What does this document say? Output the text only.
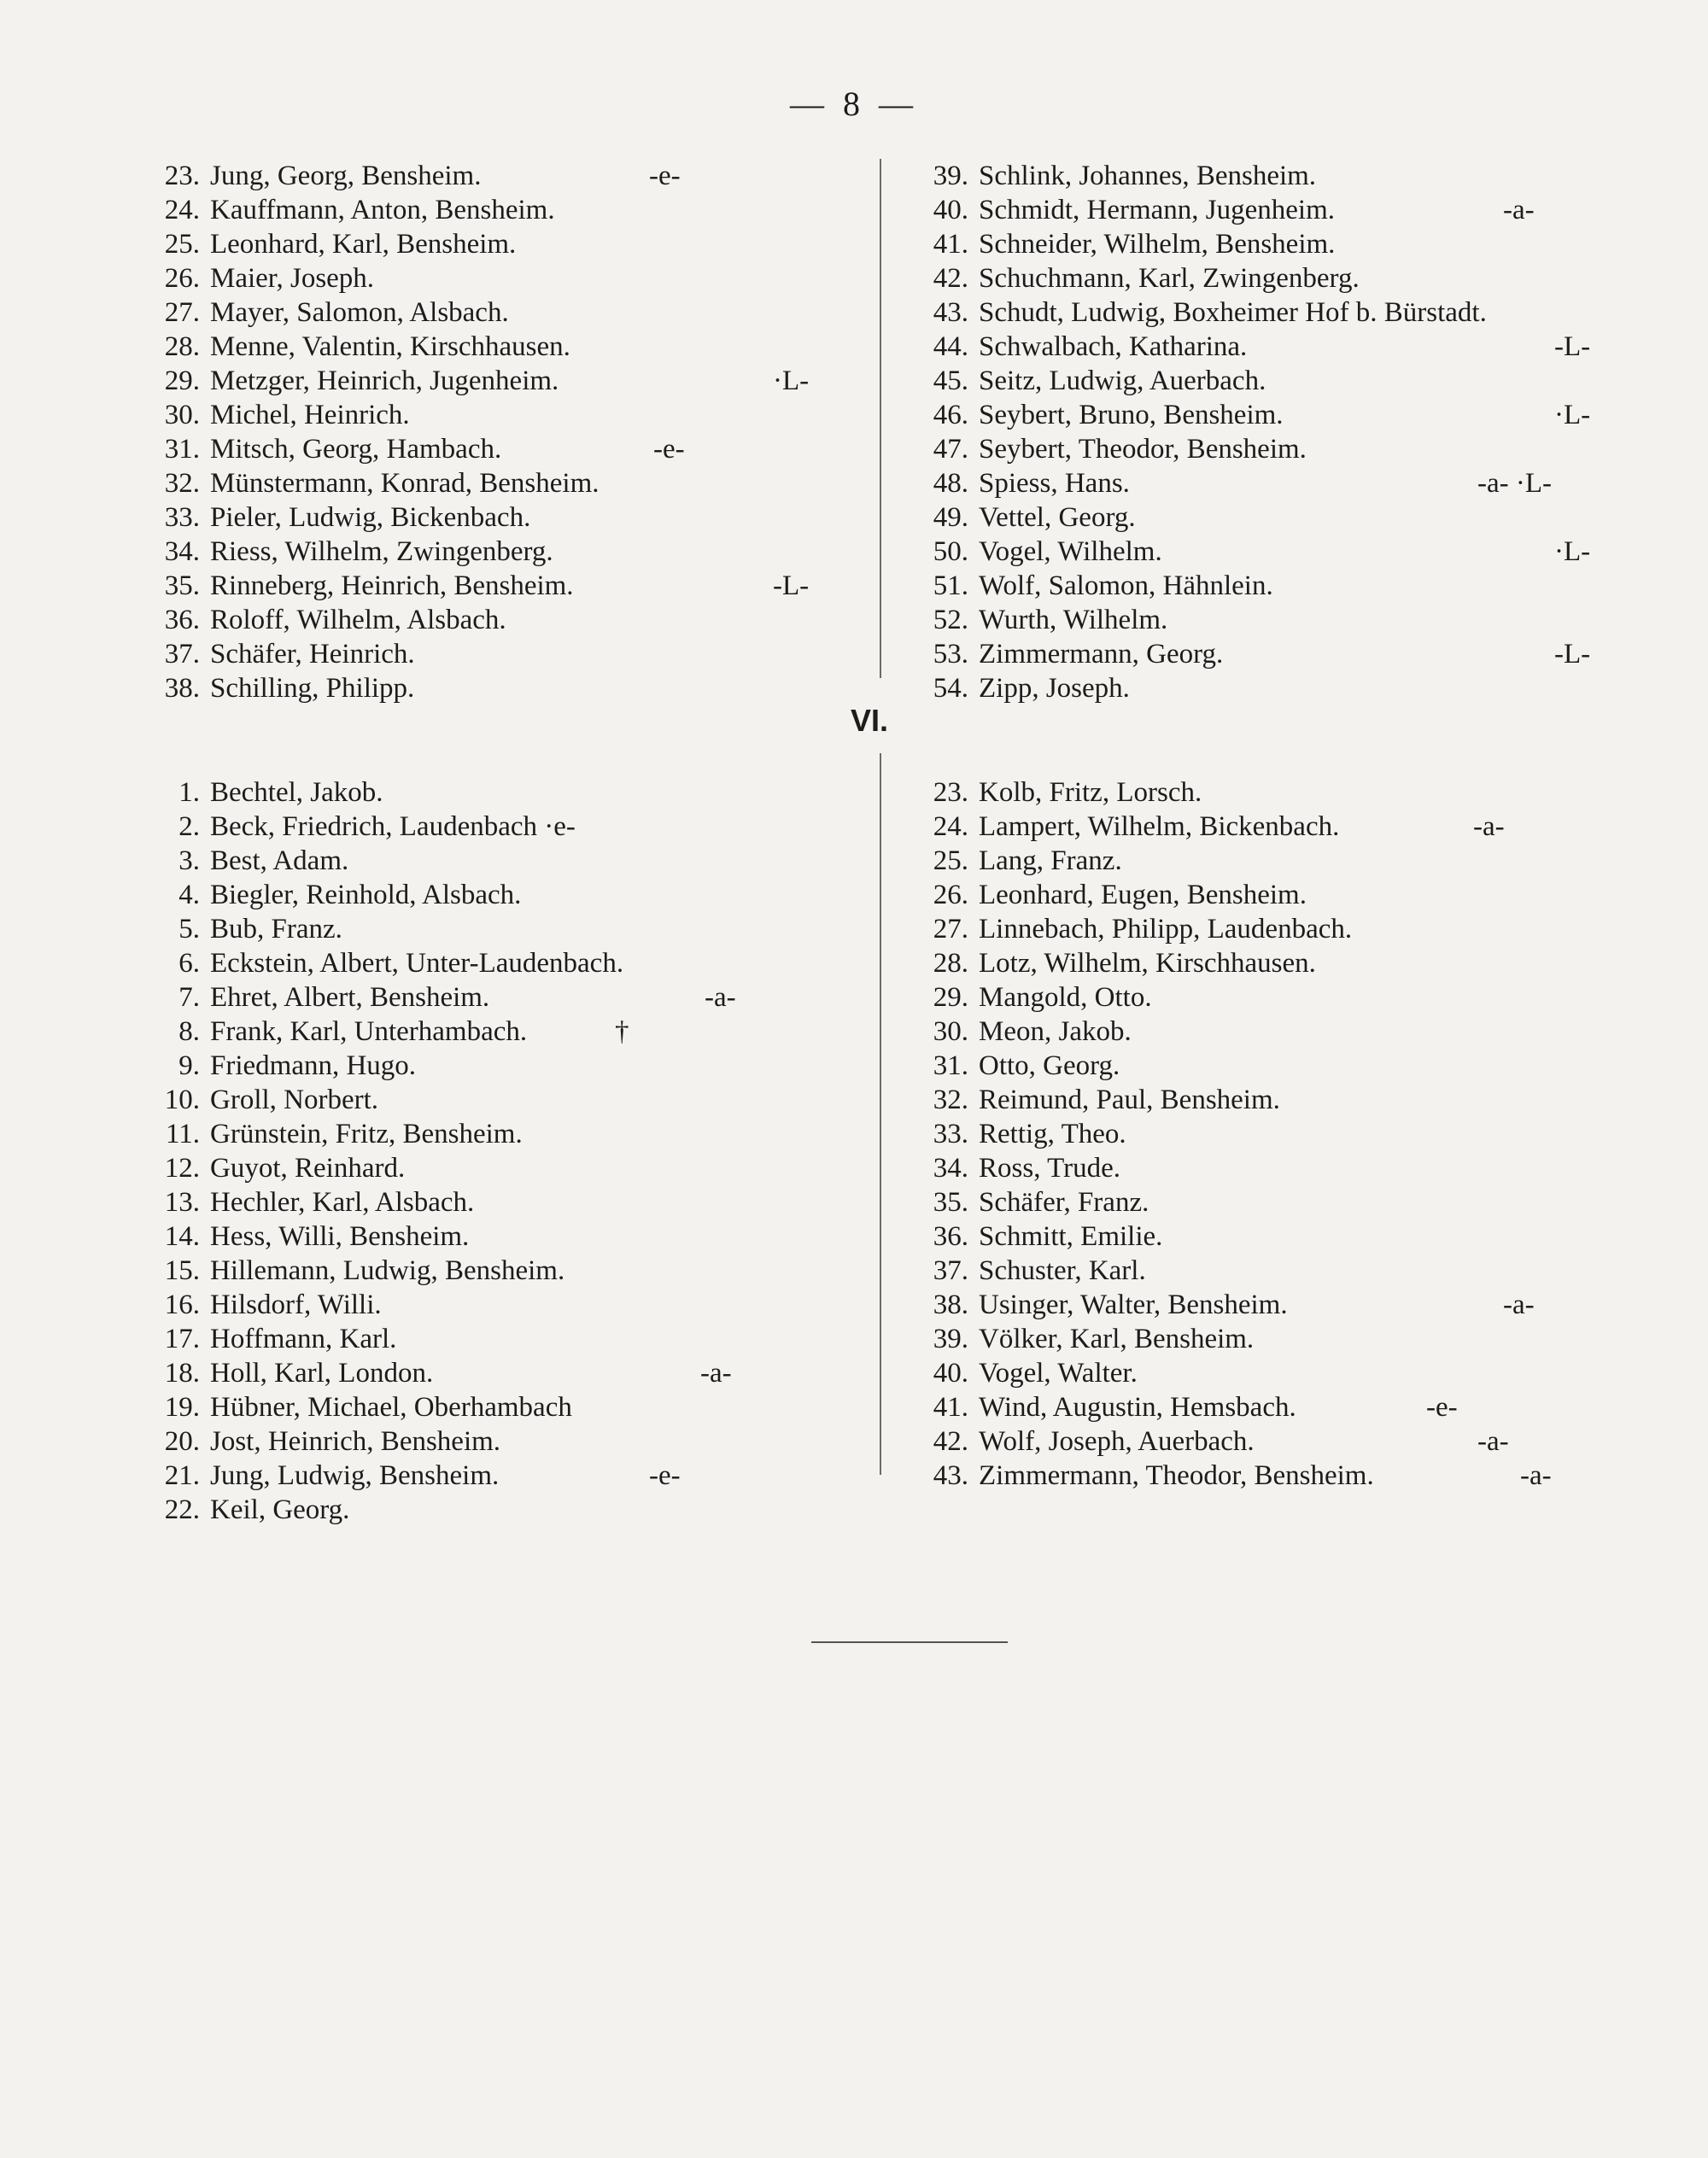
— 8 —
VI.
23. Jung, Georg, Bensheim.	-e-
24. Kauffmann, Anton, Bensheim.
25. Leonhard, Karl, Bensheim.
26. Maier, Joseph.
27. Mayer, Salomon, Alsbach.
28. Menne, Valentin, Kirschhausen.
29. Metzger, Heinrich, Jugenheim.	·L-
30. Michel, Heinrich.
31. Mitsch, Georg, Hambach.	-e-
32. Münstermann, Konrad, Bensheim.
33. Pieler, Ludwig, Bickenbach.
34. Riess, Wilhelm, Zwingenberg.
35. Rinneberg, Heinrich, Bensheim.	-L-
36. Roloff, Wilhelm, Alsbach.
37. Schäfer, Heinrich.
38. Schilling, Philipp.
1. Bechtel, Jakob.
2. Beck, Friedrich, Laudenbach ·e-
3. Best, Adam.
4. Biegler, Reinhold, Alsbach.
5. Bub, Franz.
6. Eckstein, Albert, Unter-Laudenbach.
7. Ehret, Albert, Bensheim.	-a-
8. Frank, Karl, Unterhambach.	†
9. Friedmann, Hugo.
10. Groll, Norbert.
11. Grünstein, Fritz, Bensheim.
12. Guyot, Reinhard.
13. Hechler, Karl, Alsbach.
14. Hess, Willi, Bensheim.
15. Hillemann, Ludwig, Bensheim.
16. Hilsdorf, Willi.
17. Hoffmann, Karl.
18. Holl, Karl, London.	-a-
19. Hübner, Michael, Oberhambach
20. Jost, Heinrich, Bensheim.
21. Jung, Ludwig, Bensheim.	-e-
22. Keil, Georg.
39. Schlink, Johannes, Bensheim.
40. Schmidt, Hermann, Jugenheim.	-a-
41. Schneider, Wilhelm, Bensheim.
42. Schuchmann, Karl, Zwingenberg.
43. Schudt, Ludwig, Boxheimer Hof b. Bürstadt.
44. Schwalbach, Katharina.	-L-
45. Seitz, Ludwig, Auerbach.
46. Seybert, Bruno, Bensheim.	·L-
47. Seybert, Theodor, Bensheim.
48. Spiess, Hans.	-a- ·L-
49. Vettel, Georg.
50. Vogel, Wilhelm.	·L-
51. Wolf, Salomon, Hähnlein.
52. Wurth, Wilhelm.
53. Zimmermann, Georg.	-L-
54. Zipp, Joseph.
23. Kolb, Fritz, Lorsch.
24. Lampert, Wilhelm, Bickenbach.	-a-
25. Lang, Franz.
26. Leonhard, Eugen, Bensheim.
27. Linnebach, Philipp, Laudenbach.
28. Lotz, Wilhelm, Kirschhausen.
29. Mangold, Otto.
30. Meon, Jakob.
31. Otto, Georg.
32. Reimund, Paul, Bensheim.
33. Rettig, Theo.
34. Ross, Trude.
35. Schäfer, Franz.
36. Schmitt, Emilie.
37. Schuster, Karl.
38. Usinger, Walter, Bensheim.	-a-
39. Völker, Karl, Bensheim.
40. Vogel, Walter.
41. Wind, Augustin, Hemsbach.	-e-
42. Wolf, Joseph, Auerbach.	-a-
43. Zimmermann, Theodor, Bensheim.	-a-
